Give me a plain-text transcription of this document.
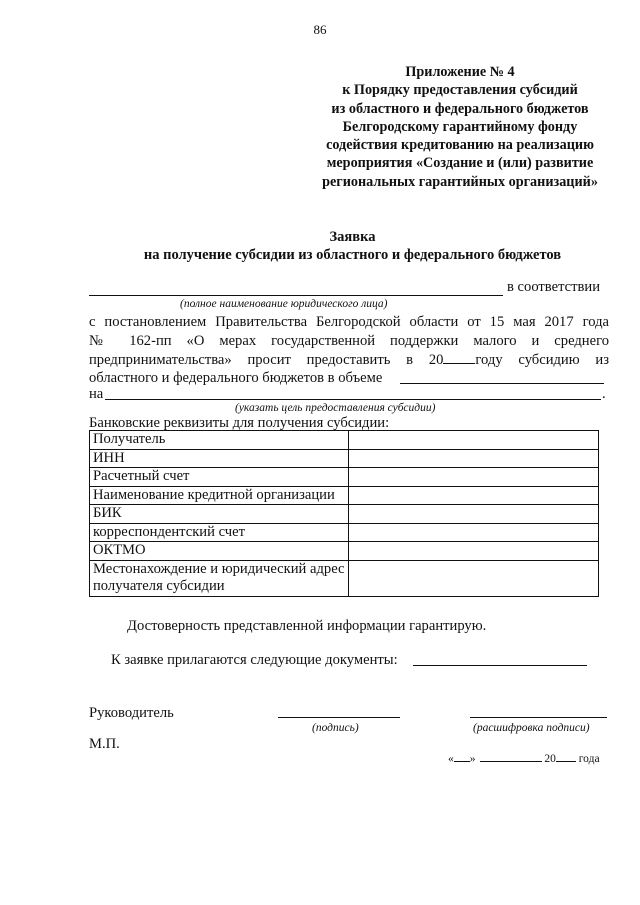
86
Приложение № 4
к Порядку предоставления субсидий
из областного и федерального бюджетов
Белгородскому гарантийному фонду
содействия кредитованию на реализацию
мероприятия «Создание и (или) развитие
региональных гарантийных организаций»
Заявка
на получение субсидии из областного и федерального бюджетов
в соответствии
(полное наименование юридического лица)
с постановлением Правительства Белгородской области от 15 мая 2017 года
№ 162-пп «О мерах государственной поддержки малого и среднего
предпринимательства» просит предоставить в 20 году субсидию из
областного и федерального бюджетов в объеме
на	.
(указать цель предоставления субсидии)
Банковские реквизиты для получения субсидии:
Получатель	
ИНН	
Расчетный счет	
Наименование кредитной организации	
БИК	
корреспондентский счет	
ОКТМО	
Местонахождение и юридический адрес получателя субсидии	
Достоверность представленной информации гарантирую.
К заявке прилагаются следующие документы:
Руководитель
(подпись)	(расшифровка подписи)
М.П.
« »	20 года
